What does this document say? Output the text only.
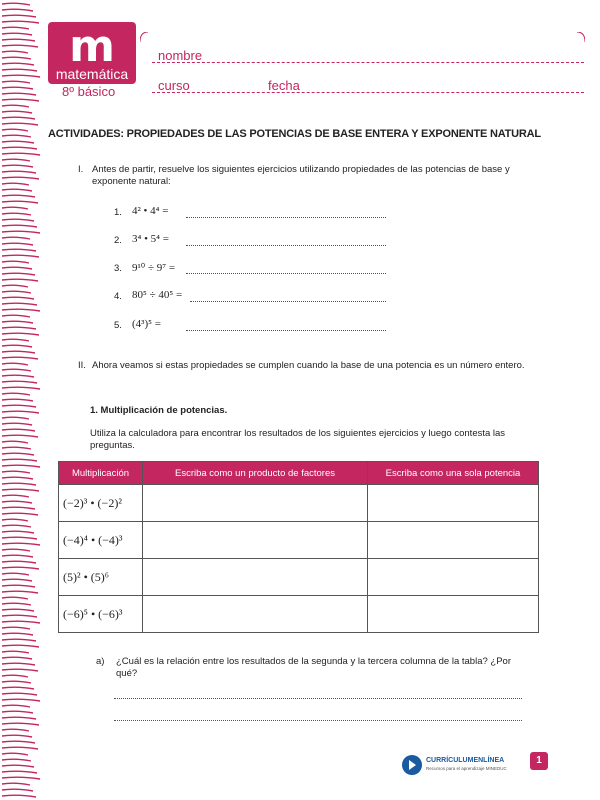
m
matemática
8º básico
nombre
curso	fecha
ACTIVIDADES: PROPIEDADES DE LAS POTENCIAS DE BASE ENTERA Y EXPONENTE NATURAL
I. Antes de partir, resuelve los siguientes ejercicios utilizando propiedades de las potencias de base y exponente natural:
1. 4² • 4⁴ =
2. 3⁴ • 5⁴ =
3. 9¹⁰ ÷ 9⁷ =
4. 80⁵ ÷ 40⁵ =
5. (4³)⁵ =
II. Ahora veamos si estas propiedades se cumplen cuando la base de una potencia es un número entero.
1. Multiplicación de potencias.
Utiliza la calculadora para encontrar los resultados de los siguientes ejercicios y luego contesta las preguntas.
Multiplicación	Escriba como un producto de factores	Escriba como una sola potencia
(−2)³ • (−2)²		
(−4)⁴ • (−4)³		
(5)² • (5)⁶		
(−6)⁵ • (−6)³		
a) ¿Cuál es la relación entre los resultados de la segunda y la tercera columna de la tabla? ¿Por qué?
CURRÍCULUMENLÍNEA
Recursos para el aprendizaje MINEDUC
1
